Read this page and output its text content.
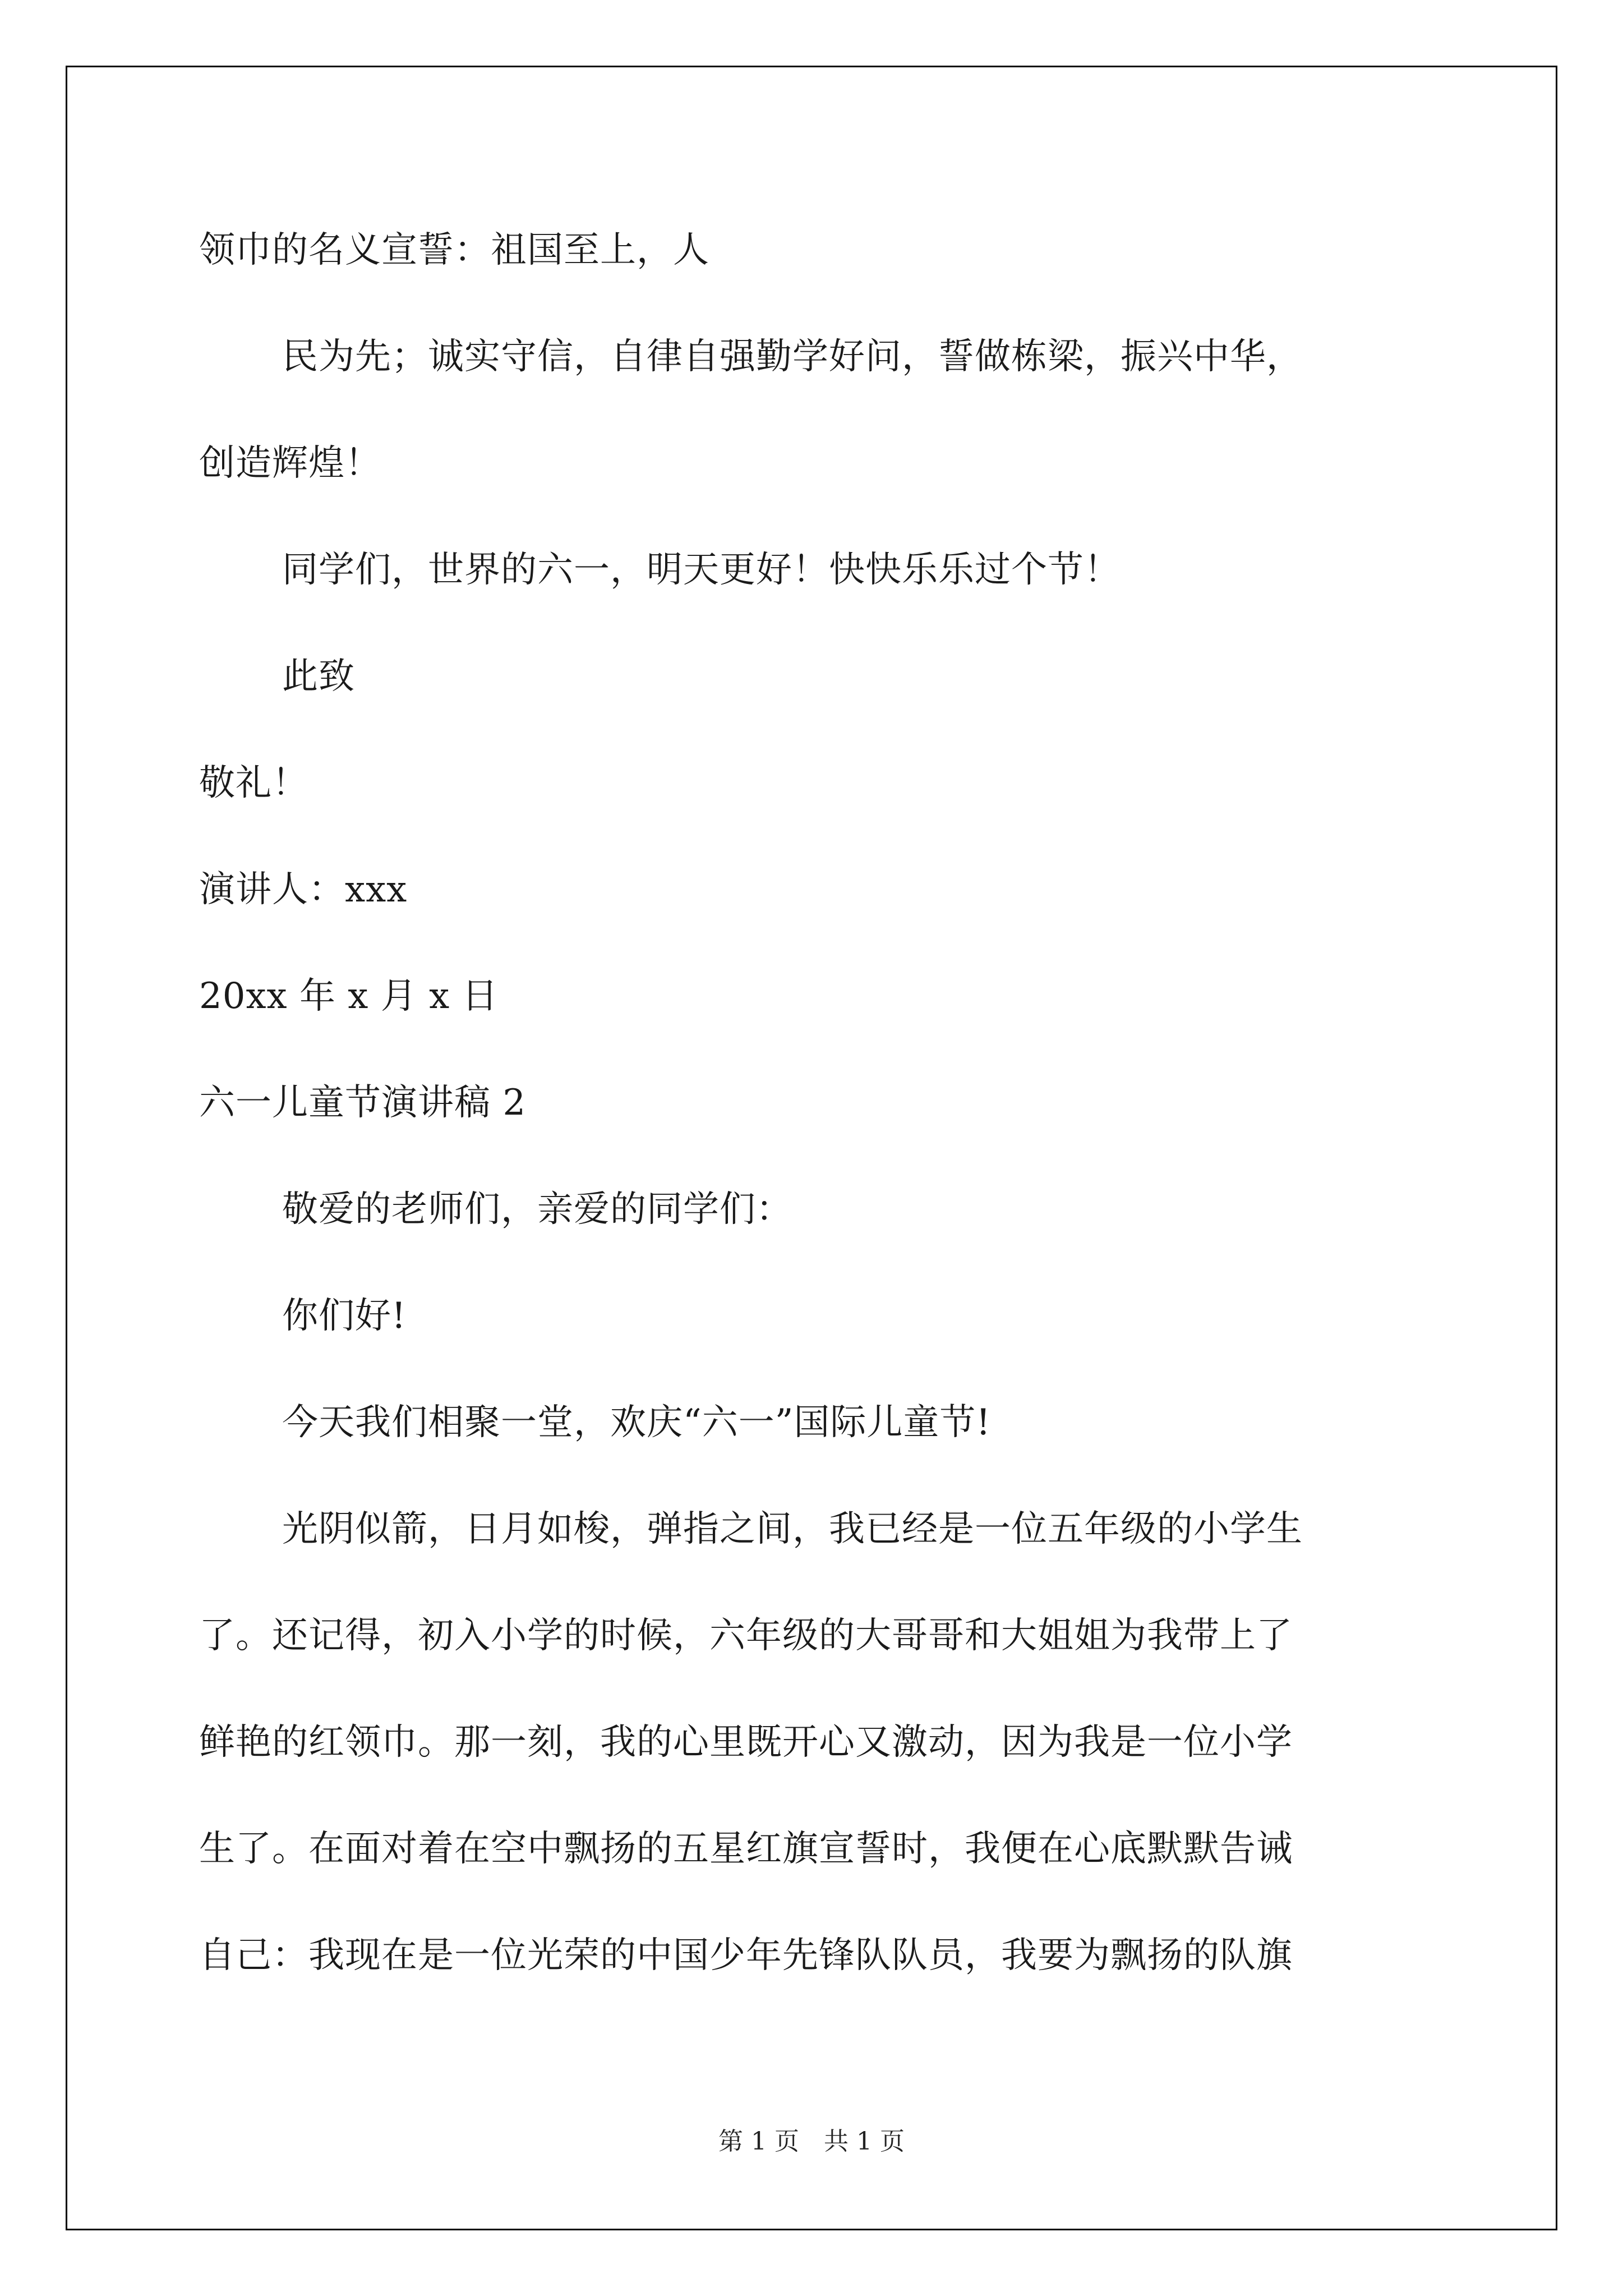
领巾的名义宣誓：祖国至上，人
民为先；诚实守信，自律自强勤学好问，誓做栋梁，振兴中华，
创造辉煌！
同学们，世界的六一，明天更好！快快乐乐过个节！
此致
敬礼！
演讲人：xxx
20xx 年 x 月 x 日
六一儿童节演讲稿 2
敬爱的老师们，亲爱的同学们：
你们好!
今天我们相聚一堂，欢庆“六一”国际儿童节!
光阴似箭，日月如梭，弹指之间，我已经是一位五年级的小学生
了。还记得，初入小学的时候，六年级的大哥哥和大姐姐为我带上了
鲜艳的红领巾。那一刻，我的心里既开心又激动，因为我是一位小学
生了。在面对着在空中飘扬的五星红旗宣誓时，我便在心底默默告诫
自己：我现在是一位光荣的中国少年先锋队队员，我要为飘扬的队旗
第 1 页　共 1 页
